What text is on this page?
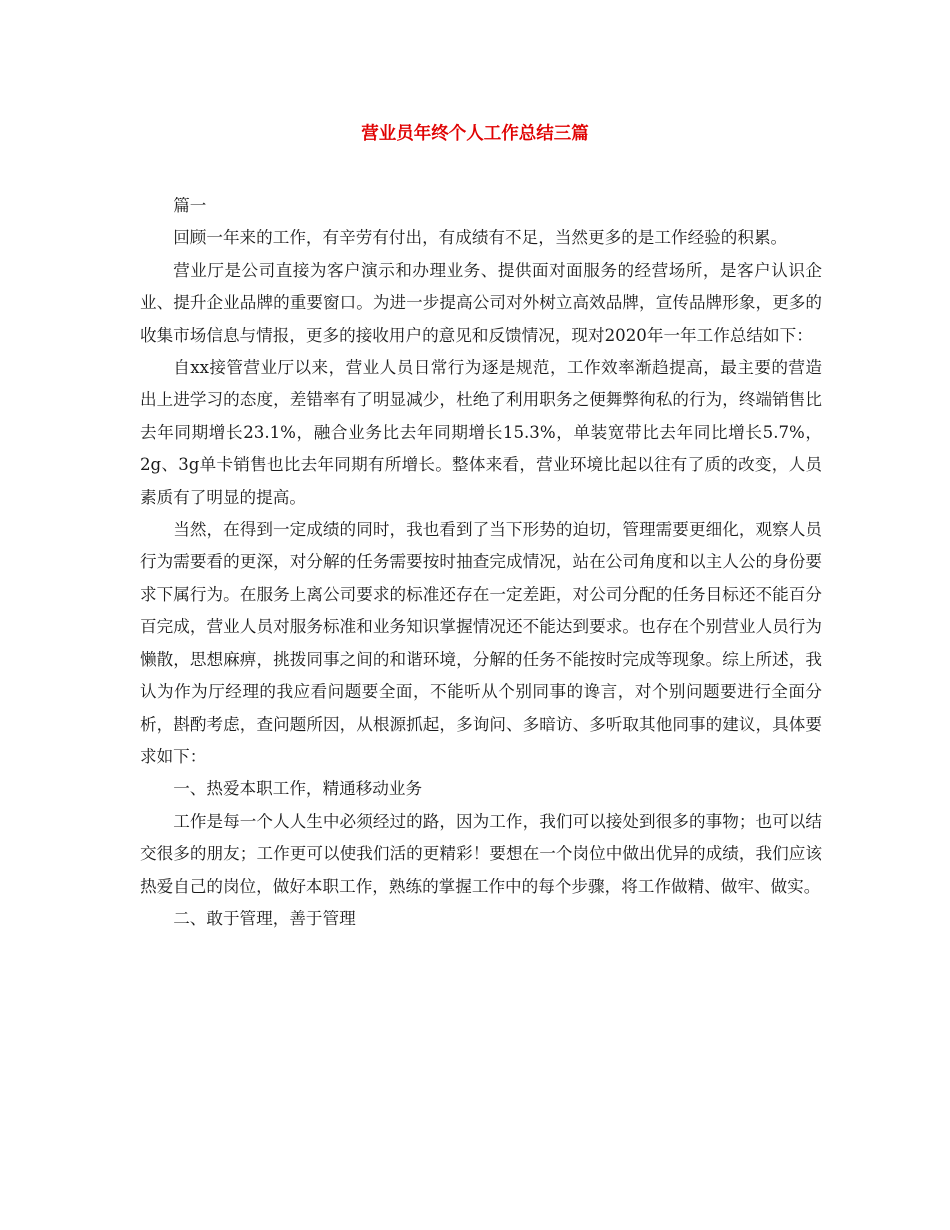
营业员年终个人工作总结三篇

篇一

回顾一年来的工作，有辛劳有付出，有成绩有不足，当然更多的是工作经验的积累。

营业厅是公司直接为客户演示和办理业务、提供面对面服务的经营场所，是客户认识企业、提升企业品牌的重要窗口。为进一步提高公司对外树立高效品牌，宣传品牌形象，更多的收集市场信息与情报，更多的接收用户的意见和反馈情况，现对2020年一年工作总结如下：

自xx接管营业厅以来，营业人员日常行为逐是规范，工作效率渐趋提高，最主要的营造出上进学习的态度，差错率有了明显减少，杜绝了利用职务之便舞弊徇私的行为，终端销售比去年同期增长23.1%，融合业务比去年同期增长15.3%，单装宽带比去年同比增长5.7%，2g、3g单卡销售也比去年同期有所增长。整体来看，营业环境比起以往有了质的改变，人员素质有了明显的提高。

当然，在得到一定成绩的同时，我也看到了当下形势的迫切，管理需要更细化，观察人员行为需要看的更深，对分解的任务需要按时抽查完成情况，站在公司角度和以主人公的身份要求下属行为。在服务上离公司要求的标准还存在一定差距，对公司分配的任务目标还不能百分百完成，营业人员对服务标准和业务知识掌握情况还不能达到要求。也存在个别营业人员行为懒散，思想麻痹，挑拨同事之间的和谐环境，分解的任务不能按时完成等现象。综上所述，我认为作为厅经理的我应看问题要全面，不能听从个别同事的谗言，对个别问题要进行全面分析，斟酌考虑，查问题所因，从根源抓起，多询问、多暗访、多听取其他同事的建议，具体要求如下：

一、热爱本职工作，精通移动业务

工作是每一个人人生中必须经过的路，因为工作，我们可以接处到很多的事物；也可以结交很多的朋友；工作更可以使我们活的更精彩！要想在一个岗位中做出优异的成绩，我们应该热爱自己的岗位，做好本职工作，熟练的掌握工作中的每个步骤，将工作做精、做牢、做实。

二、敢于管理，善于管理
